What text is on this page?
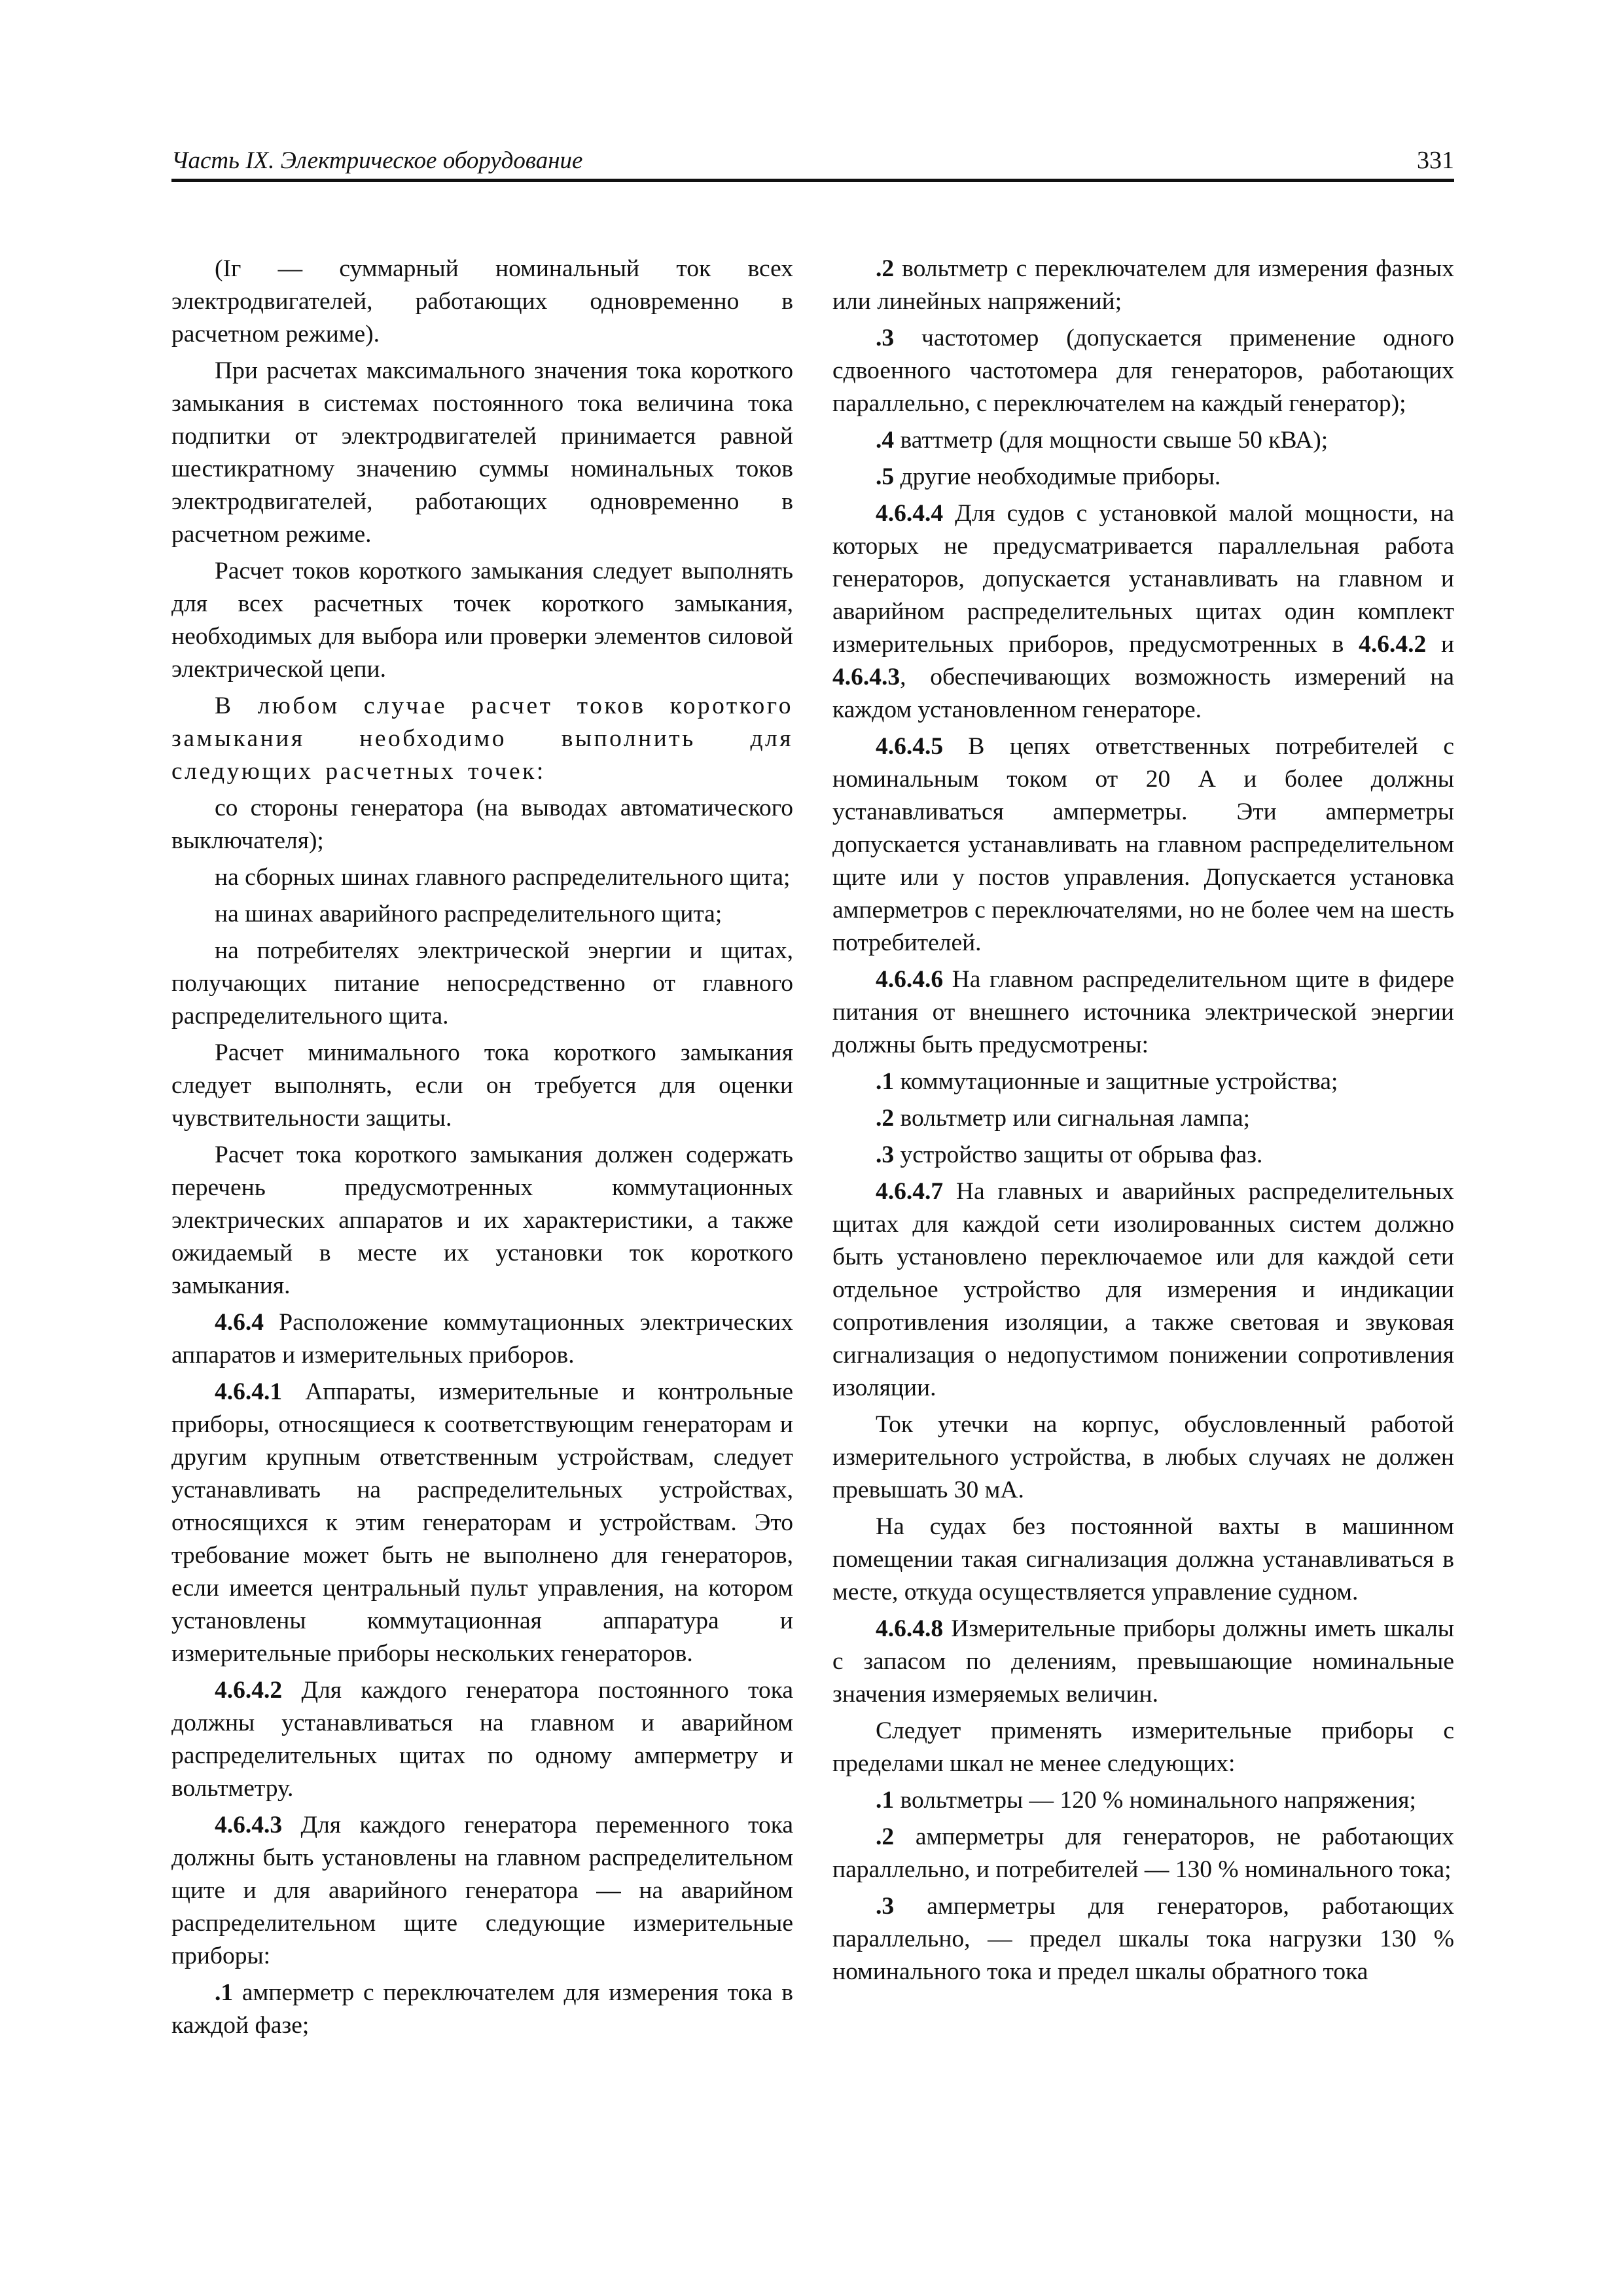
Часть IX. Электрическое оборудование	331

(Iг — суммарный номинальный ток всех электродвигателей, работающих одновременно в расчетном режиме).

При расчетах максимального значения тока короткого замыкания в системах постоянного тока величина тока подпитки от электродвигателей принимается равной шестикратному значению суммы номинальных токов электродвигателей, работающих одновременно в расчетном режиме.

Расчет токов короткого замыкания следует выполнять для всех расчетных точек короткого замыкания, необходимых для выбора или проверки элементов силовой электрической цепи.

В любом случае расчет токов короткого замыкания необходимо выполнить для следующих расчетных точек:

со стороны генератора (на выводах автоматического выключателя);

на сборных шинах главного распределительного щита;

на шинах аварийного распределительного щита;

на потребителях электрической энергии и щитах, получающих питание непосредственно от главного распределительного щита.

Расчет минимального тока короткого замыкания следует выполнять, если он требуется для оценки чувствительности защиты.

Расчет тока короткого замыкания должен содержать перечень предусмотренных коммутационных электрических аппаратов и их характеристики, а также ожидаемый в месте их установки ток короткого замыкания.

4.6.4 Расположение коммутационных электрических аппаратов и измерительных приборов.

4.6.4.1 Аппараты, измерительные и контрольные приборы, относящиеся к соответствующим генераторам и другим крупным ответственным устройствам, следует устанавливать на распределительных устройствах, относящихся к этим генераторам и устройствам. Это требование может быть не выполнено для генераторов, если имеется центральный пульт управления, на котором установлены коммутационная аппаратура и измерительные приборы нескольких генераторов.

4.6.4.2 Для каждого генератора постоянного тока должны устанавливаться на главном и аварийном распределительных щитах по одному амперметру и вольтметру.

4.6.4.3 Для каждого генератора переменного тока должны быть установлены на главном распределительном щите и для аварийного генератора — на аварийном распределительном щите следующие измерительные приборы:

.1 амперметр с переключателем для измерения тока в каждой фазе;

.2 вольтметр с переключателем для измерения фазных или линейных напряжений;

.3 частотомер (допускается применение одного сдвоенного частотомера для генераторов, работающих параллельно, с переключателем на каждый генератор);

.4 ваттметр (для мощности свыше 50 кВА);

.5 другие необходимые приборы.

4.6.4.4 Для судов с установкой малой мощности, на которых не предусматривается параллельная работа генераторов, допускается устанавливать на главном и аварийном распределительных щитах один комплект измерительных приборов, предусмотренных в 4.6.4.2 и 4.6.4.3, обеспечивающих возможность измерений на каждом установленном генераторе.

4.6.4.5 В цепях ответственных потребителей с номинальным током от 20 А и более должны устанавливаться амперметры. Эти амперметры допускается устанавливать на главном распределительном щите или у постов управления. Допускается установка амперметров с переключателями, но не более чем на шесть потребителей.

4.6.4.6 На главном распределительном щите в фидере питания от внешнего источника электрической энергии должны быть предусмотрены:

.1 коммутационные и защитные устройства;

.2 вольтметр или сигнальная лампа;

.3 устройство защиты от обрыва фаз.

4.6.4.7 На главных и аварийных распределительных щитах для каждой сети изолированных систем должно быть установлено переключаемое или для каждой сети отдельное устройство для измерения и индикации сопротивления изоляции, а также световая и звуковая сигнализация о недопустимом понижении сопротивления изоляции.

Ток утечки на корпус, обусловленный работой измерительного устройства, в любых случаях не должен превышать 30 мА.

На судах без постоянной вахты в машинном помещении такая сигнализация должна устанавливаться в месте, откуда осуществляется управление судном.

4.6.4.8 Измерительные приборы должны иметь шкалы с запасом по делениям, превышающие номинальные значения измеряемых величин.

Следует применять измерительные приборы с пределами шкал не менее следующих:

.1 вольтметры — 120 % номинального напряжения;

.2 амперметры для генераторов, не работающих параллельно, и потребителей — 130 % номинального тока;

.3 амперметры для генераторов, работающих параллельно, — предел шкалы тока нагрузки 130 % номинального тока и предел шкалы обратного тока
